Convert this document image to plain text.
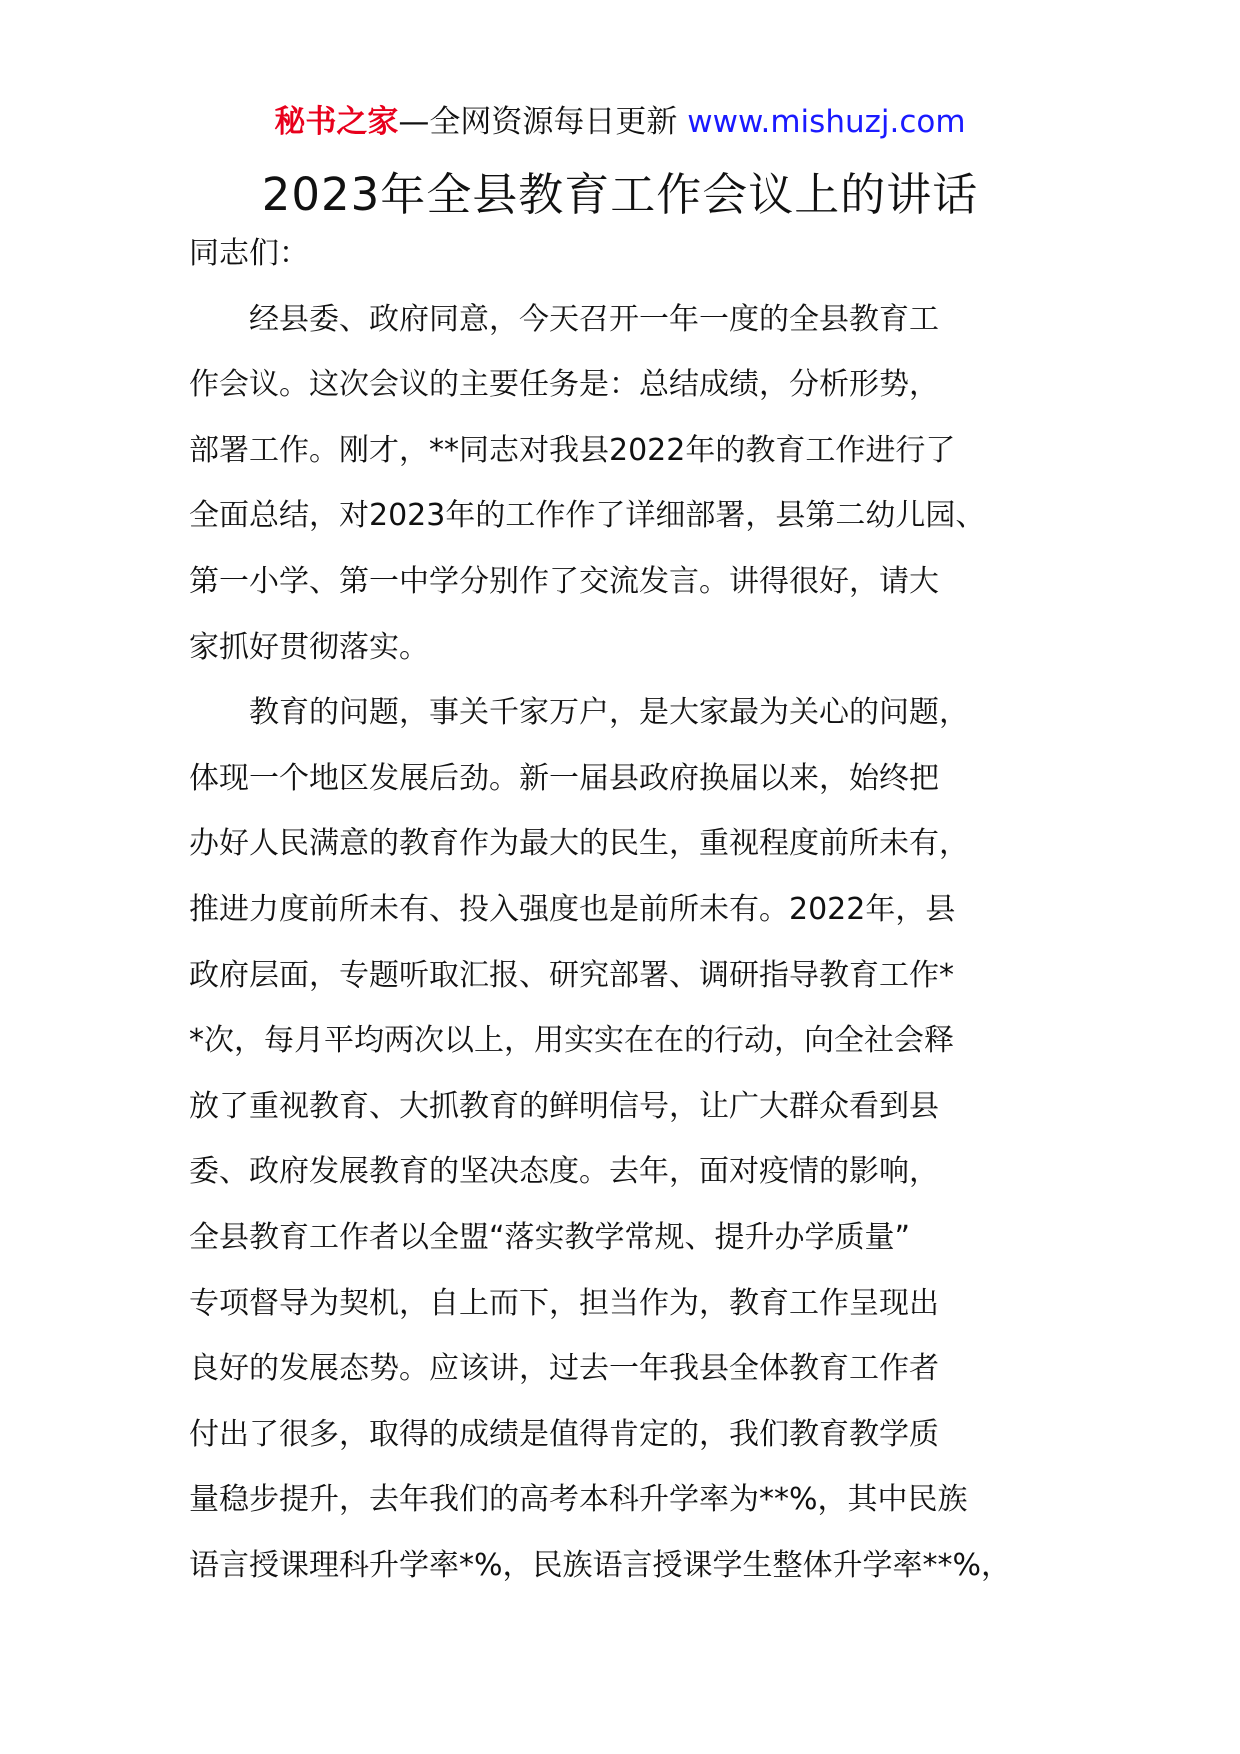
秘书之家—全网资源每日更新 www.mishuzj.com
2023年全县教育工作会议上的讲话
同志们：
　　经县委、政府同意，今天召开一年一度的全县教育工
作会议。这次会议的主要任务是：总结成绩，分析形势，
部署工作。刚才，**同志对我县2022年的教育工作进行了
全面总结，对2023年的工作作了详细部署，县第二幼儿园、
第一小学、第一中学分别作了交流发言。讲得很好，请大
家抓好贯彻落实。
　　教育的问题，事关千家万户，是大家最为关心的问题，
体现一个地区发展后劲。新一届县政府换届以来，始终把
办好人民满意的教育作为最大的民生，重视程度前所未有，
推进力度前所未有、投入强度也是前所未有。2022年，县
政府层面，专题听取汇报、研究部署、调研指导教育工作*
*次，每月平均两次以上，用实实在在的行动，向全社会释
放了重视教育、大抓教育的鲜明信号，让广大群众看到县
委、政府发展教育的坚决态度。去年，面对疫情的影响，
全县教育工作者以全盟“落实教学常规、提升办学质量”
专项督导为契机，自上而下，担当作为，教育工作呈现出
良好的发展态势。应该讲，过去一年我县全体教育工作者
付出了很多，取得的成绩是值得肯定的，我们教育教学质
量稳步提升，去年我们的高考本科升学率为**%，其中民族
语言授课理科升学率*%，民族语言授课学生整体升学率**%，
